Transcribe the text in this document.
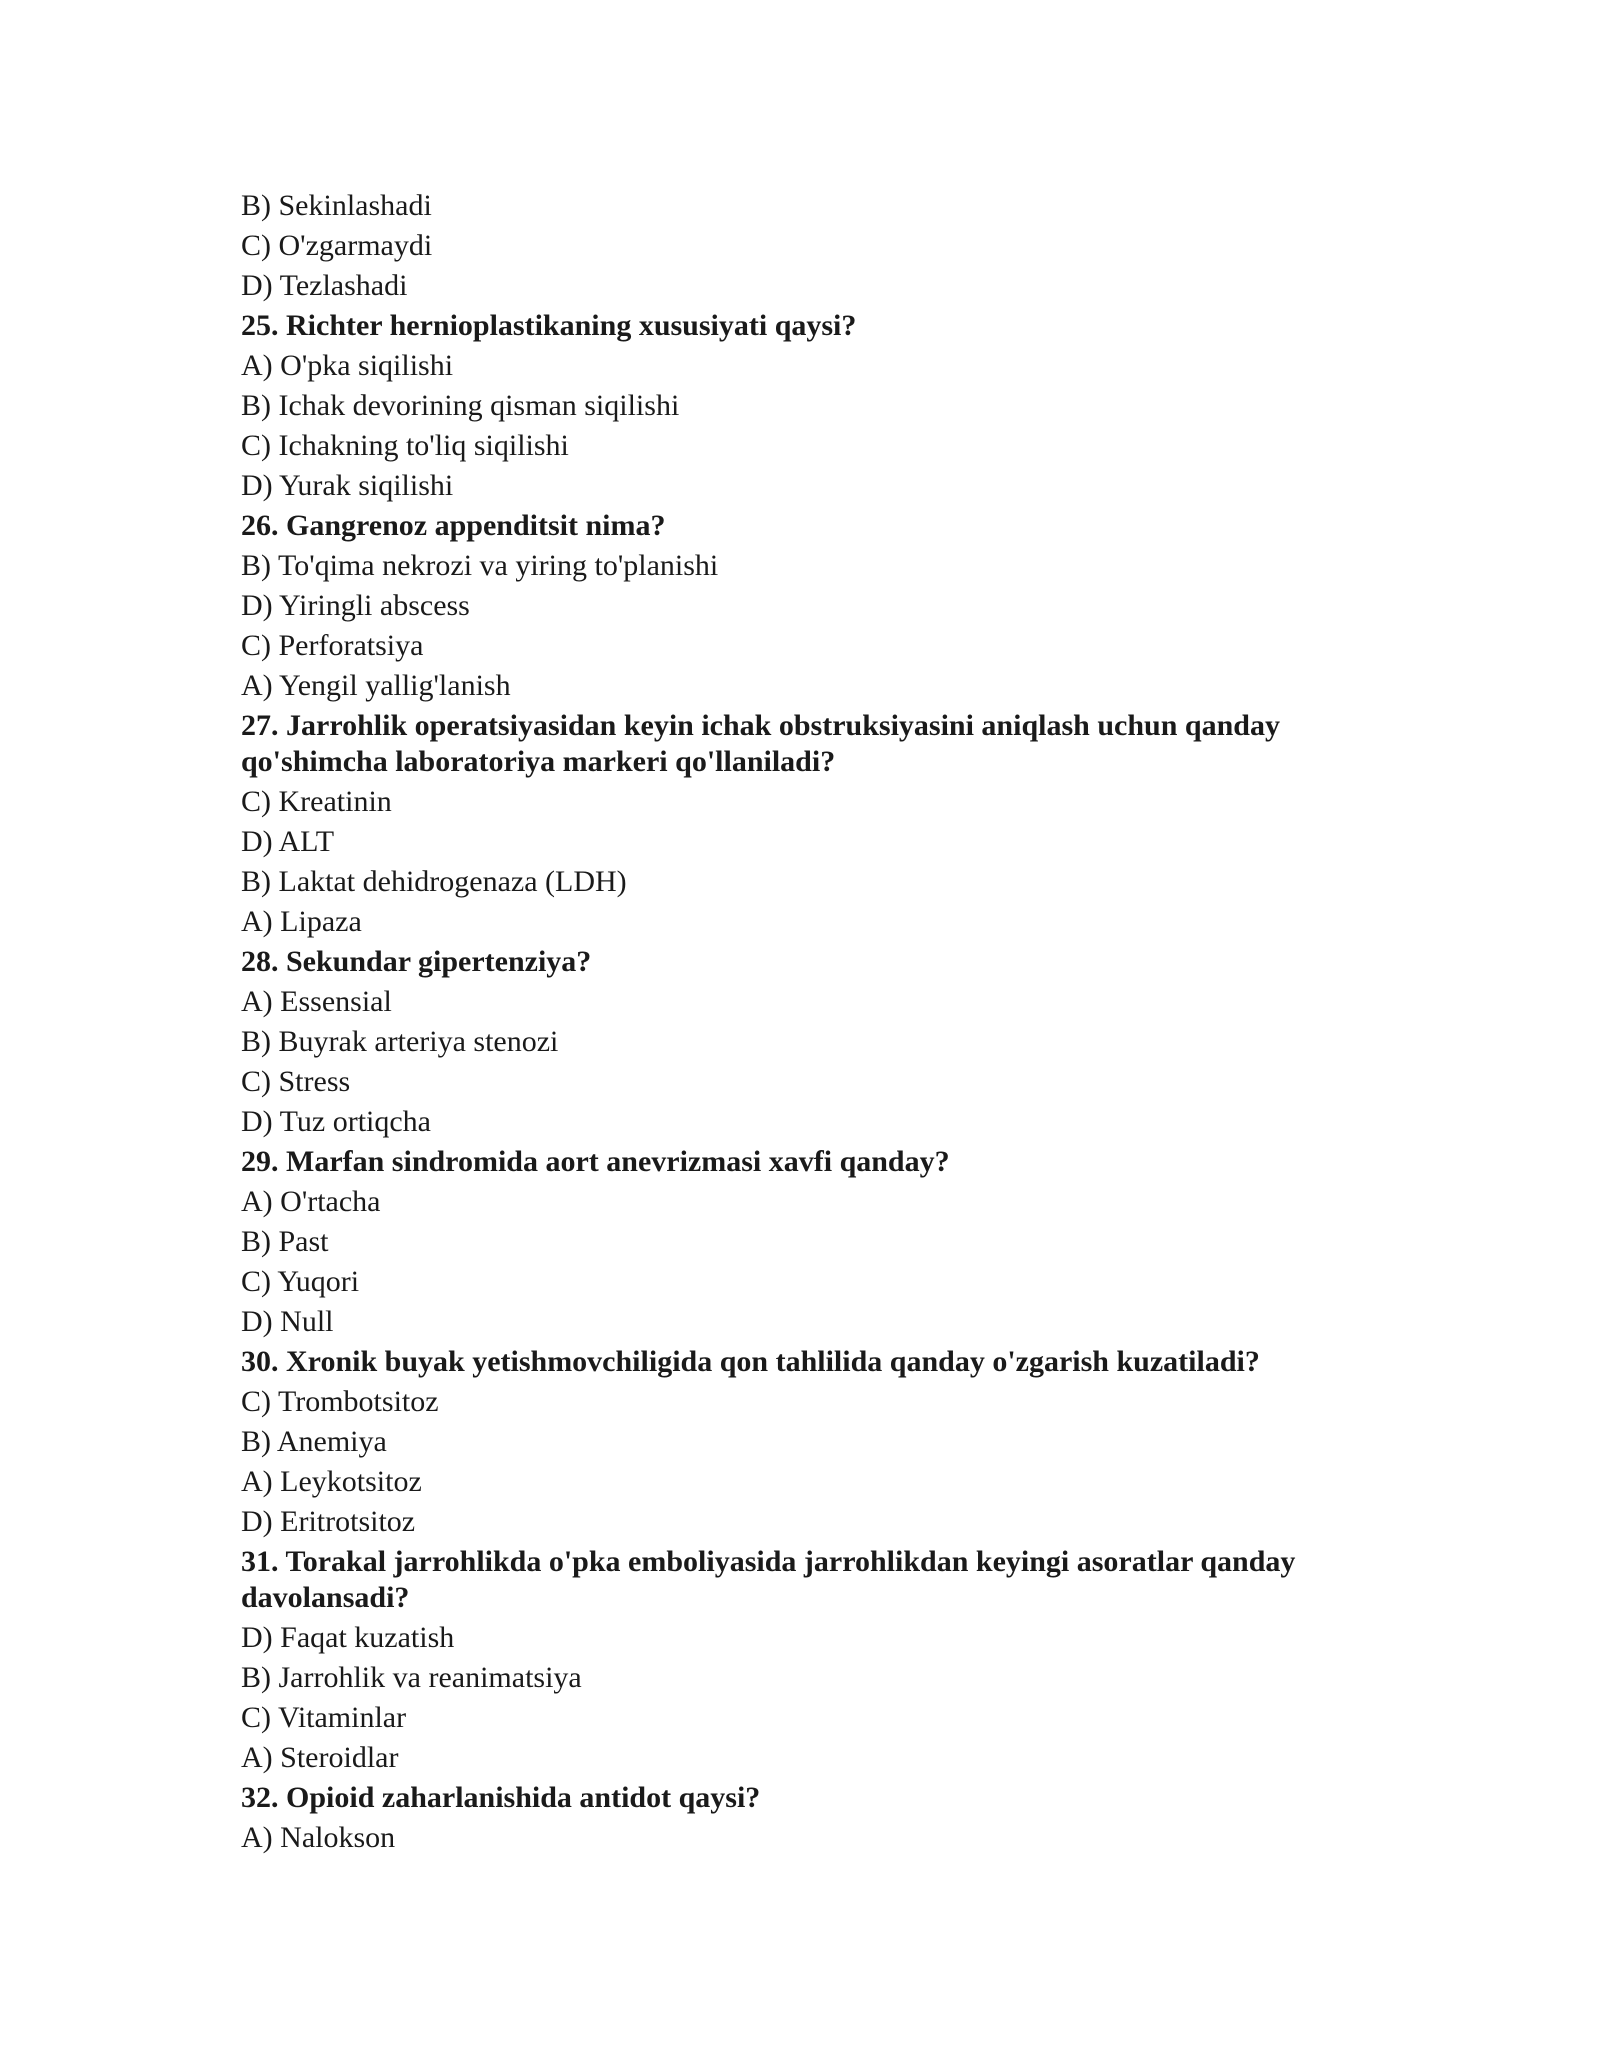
B) Sekinlashadi
C) O'zgarmaydi
D) Tezlashadi
25. Richter hernioplastikaning xususiyati qaysi?
A) O'pka siqilishi
B) Ichak devorining qisman siqilishi
C) Ichakning to'liq siqilishi
D) Yurak siqilishi
26. Gangrenoz appenditsit nima?
B) To'qima nekrozi va yiring to'planishi
D) Yiringli abscess
C) Perforatsiya
A) Yengil yallig'lanish
27. Jarrohlik operatsiyasidan keyin ichak obstruksiyasini aniqlash uchun qanday qo'shimcha laboratoriya markeri qo'llaniladi?
C) Kreatinin
D) ALT
B) Laktat dehidrogenaza (LDH)
A) Lipaza
28. Sekundar gipertenziya?
A) Essensial
B) Buyrak arteriya stenozi
C) Stress
D) Tuz ortiqcha
29. Marfan sindromida aort anevrizmasi xavfi qanday?
A) O'rtacha
B) Past
C) Yuqori
D) Null
30. Xronik buyak yetishmovchiligida qon tahlilida qanday o'zgarish kuzatiladi?
C) Trombotsitoz
B) Anemiya
A) Leykotsitoz
D) Eritrotsitoz
31. Torakal jarrohlikda o'pka emboliyasida jarrohlikdan keyingi asoratlar qanday davolansadi?
D) Faqat kuzatish
B) Jarrohlik va reanimatsiya
C) Vitaminlar
A) Steroidlar
32. Opioid zaharlanishida antidot qaysi?
A) Nalokson
